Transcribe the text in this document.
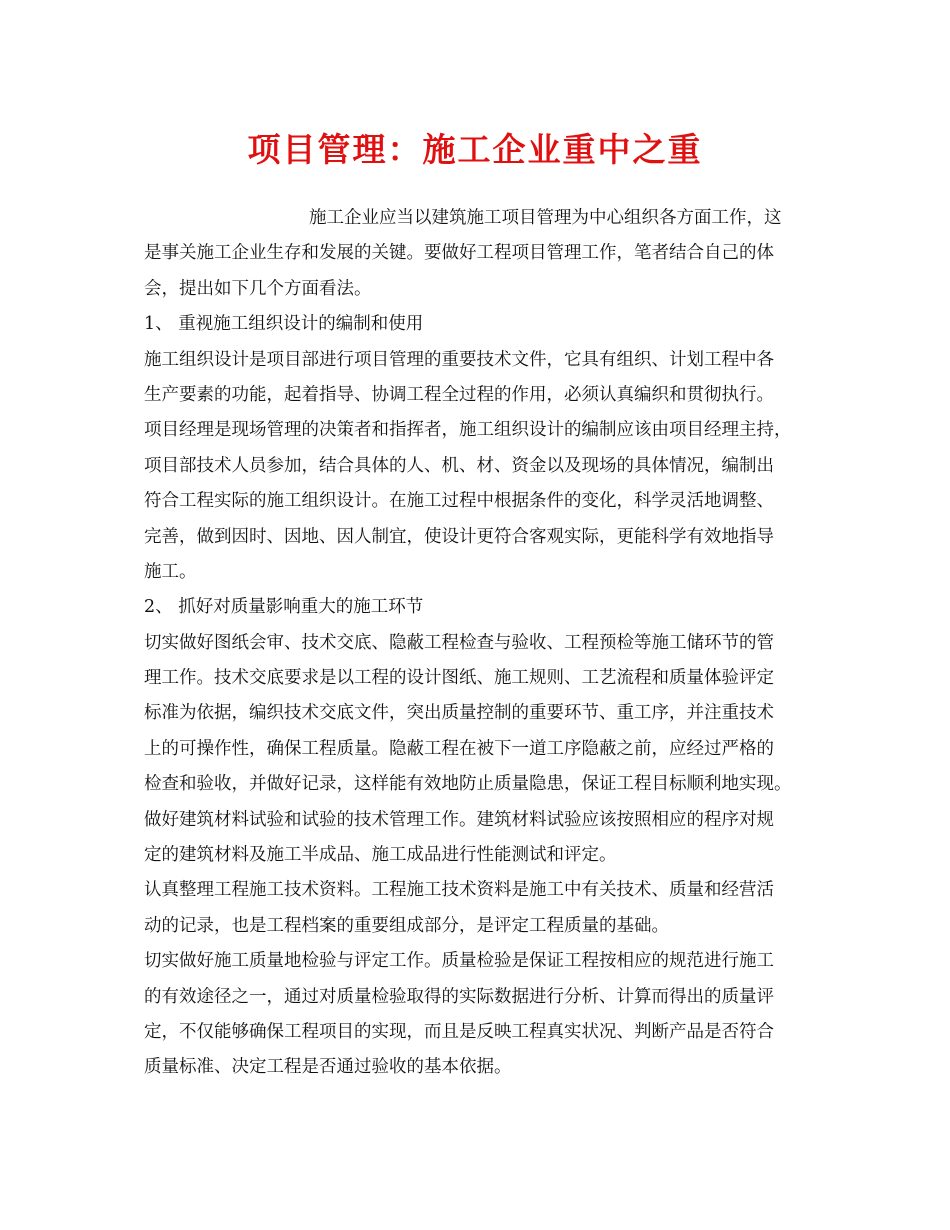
项目管理：施工企业重中之重
施工企业应当以建筑施工项目管理为中心组织各方面工作，这
是事关施工企业生存和发展的关键。要做好工程项目管理工作，笔者结合自己的体
会，提出如下几个方面看法。
1、 重视施工组织设计的编制和使用
施工组织设计是项目部进行项目管理的重要技术文件，它具有组织、计划工程中各
生产要素的功能，起着指导、协调工程全过程的作用，必须认真编织和贯彻执行。
项目经理是现场管理的决策者和指挥者，施工组织设计的编制应该由项目经理主持，
项目部技术人员参加，结合具体的人、机、材、资金以及现场的具体情况，编制出
符合工程实际的施工组织设计。在施工过程中根据条件的变化，科学灵活地调整、
完善，做到因时、因地、因人制宜，使设计更符合客观实际，更能科学有效地指导
施工。
2、 抓好对质量影响重大的施工环节
切实做好图纸会审、技术交底、隐蔽工程检查与验收、工程预检等施工储环节的管
理工作。技术交底要求是以工程的设计图纸、施工规则、工艺流程和质量体验评定
标准为依据，编织技术交底文件，突出质量控制的重要环节、重工序，并注重技术
上的可操作性，确保工程质量。隐蔽工程在被下一道工序隐蔽之前，应经过严格的
检查和验收，并做好记录，这样能有效地防止质量隐患，保证工程目标顺利地实现。
做好建筑材料试验和试验的技术管理工作。建筑材料试验应该按照相应的程序对规
定的建筑材料及施工半成品、施工成品进行性能测试和评定。
认真整理工程施工技术资料。工程施工技术资料是施工中有关技术、质量和经营活
动的记录，也是工程档案的重要组成部分，是评定工程质量的基础。
切实做好施工质量地检验与评定工作。质量检验是保证工程按相应的规范进行施工
的有效途径之一，通过对质量检验取得的实际数据进行分析、计算而得出的质量评
定，不仅能够确保工程项目的实现，而且是反映工程真实状况、判断产品是否符合
质量标准、决定工程是否通过验收的基本依据。
